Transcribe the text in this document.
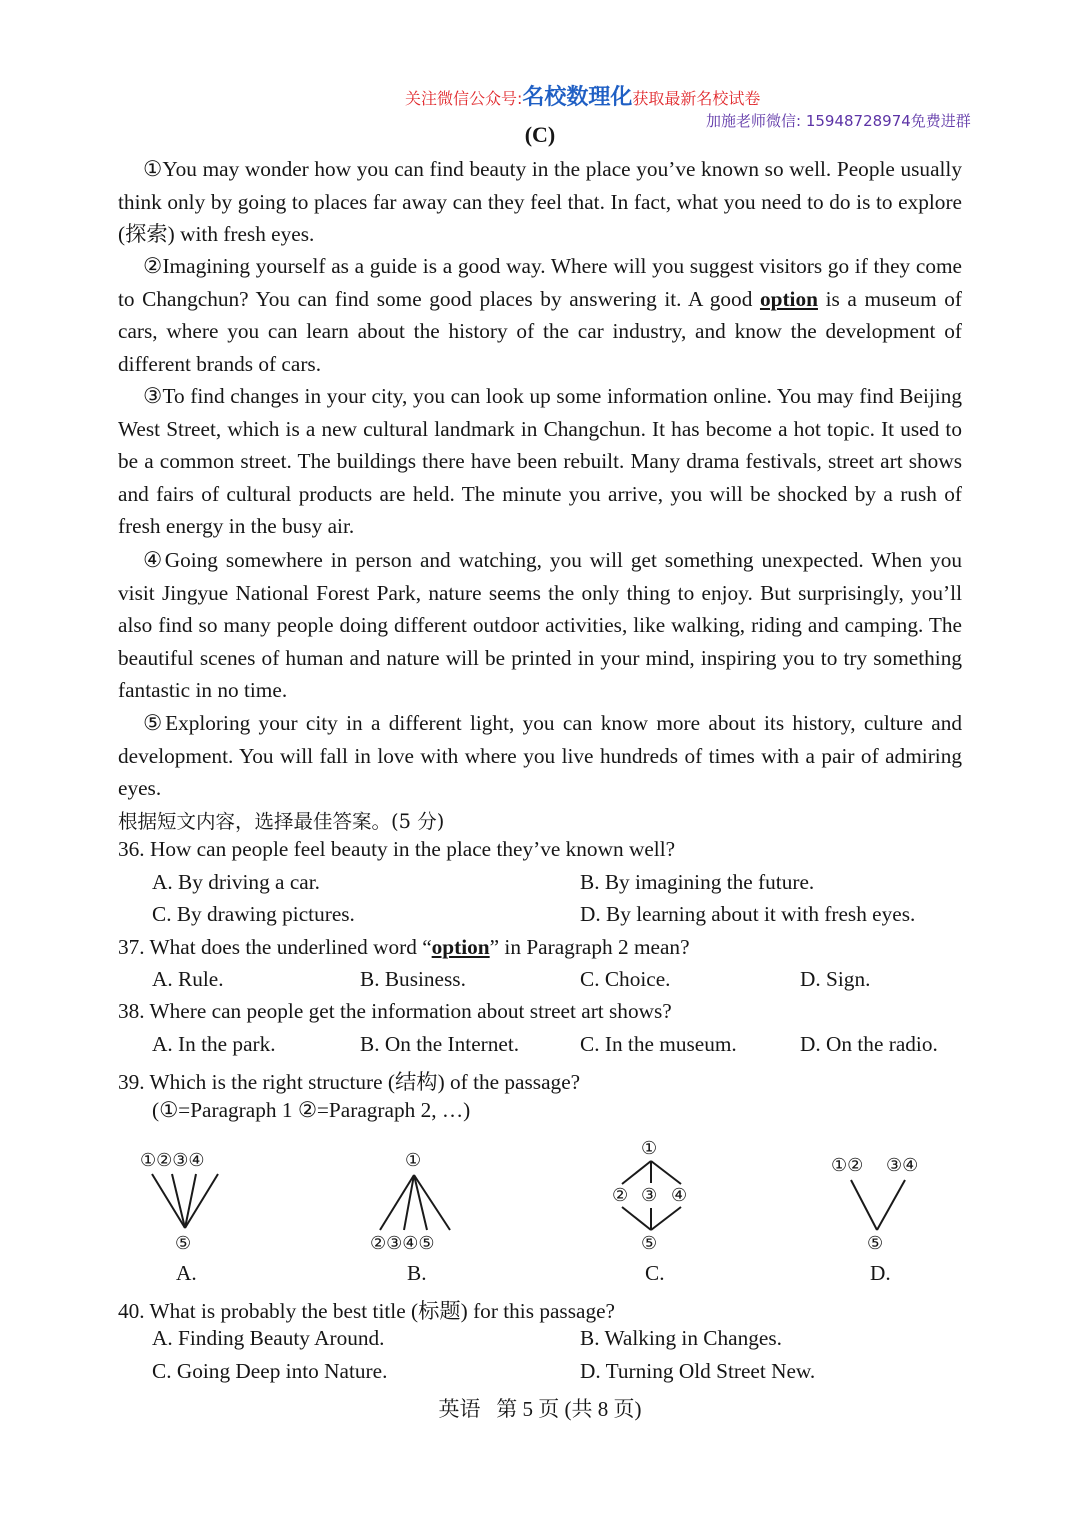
关注微信公众号:名校数理化获取最新名校试卷
加施老师微信: 15948728974免费进群
(C)

①You may wonder how you can find beauty in the place you’ve known so well. People usually think only by going to places far away can they feel that. In fact, what you need to do is to explore (探索) with fresh eyes.

②Imagining yourself as a guide is a good way. Where will you suggest visitors go if they come to Changchun? You can find some good places by answering it. A good option is a museum of cars, where you can learn about the history of the car industry, and know the development of different brands of cars.

③To find changes in your city, you can look up some information online. You may find Beijing West Street, which is a new cultural landmark in Changchun. It has become a hot topic. It used to be a common street. The buildings there have been rebuilt. Many drama festivals, street art shows and fairs of cultural products are held. The minute you arrive, you will be shocked by a rush of fresh energy in the busy air.

④Going somewhere in person and watching, you will get something unexpected. When you visit Jingyue National Forest Park, nature seems the only thing to enjoy. But surprisingly, you’ll also find so many people doing different outdoor activities, like walking, riding and camping. The beautiful scenes of human and nature will be printed in your mind, inspiring you to try something fantastic in no time.

⑤Exploring your city in a different light, you can know more about its history, culture and development. You will fall in love with where you live hundreds of times with a pair of admiring eyes.

根据短文内容，选择最佳答案。(5 分)
36. How can people feel beauty in the place they’ve known well?
A. By driving a car.	B. By imagining the future.
C. By drawing pictures.	D. By learning about it with fresh eyes.
37. What does the underlined word “option” in Paragraph 2 mean?
A. Rule.	B. Business.	C. Choice.	D. Sign.
38. Where can people get the information about street art shows?
A. In the park.	B. On the Internet.	C. In the museum.	D. On the radio.
39. Which is the right structure (结构) of the passage?
(①=Paragraph 1 ②=Paragraph 2, …)
①②③④
⑤
A.
①
②③④⑤
B.
①
② ③ ④
⑤
C.
①② ③④
⑤
D.
40. What is probably the best title (标题) for this passage?
A. Finding Beauty Around.	B. Walking in Changes.
C. Going Deep into Nature.	D. Turning Old Street New.
英语   第 5 页 (共 8 页)
